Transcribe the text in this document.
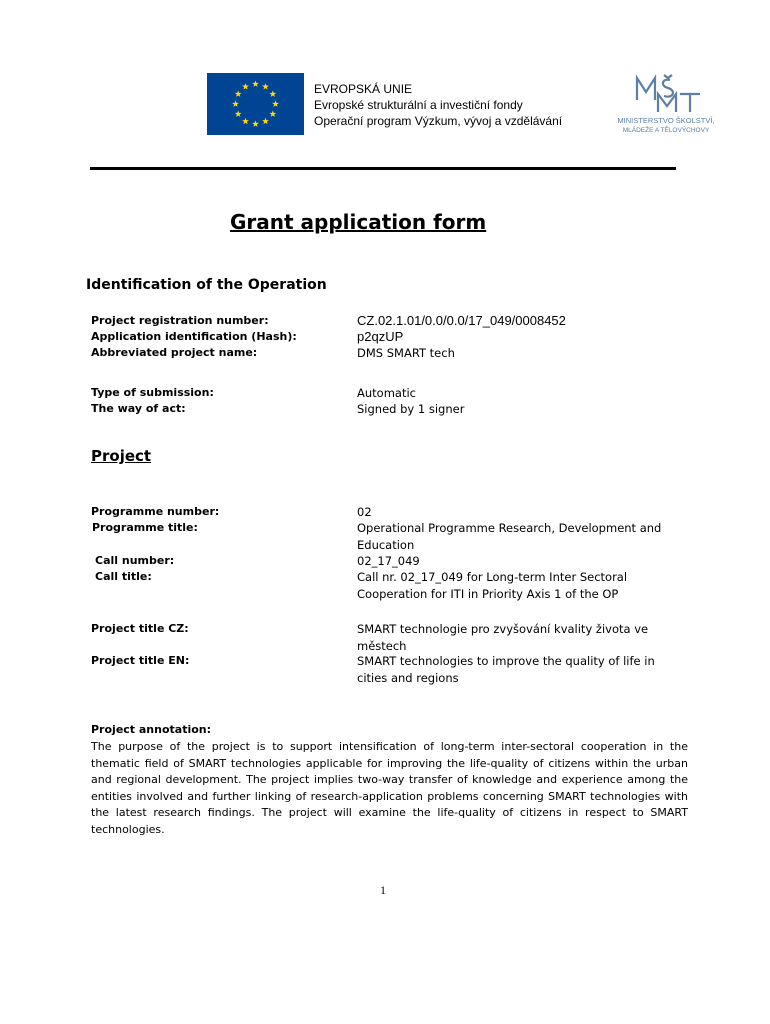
EVROPSKÁ UNIE
Evropské strukturální a investiční fondy
Operační program Výzkum, vývoj a vzdělávání	MINISTERSTVO ŠKOLSTVÍ,
MLÁDEŽE A TĚLOVÝCHOVY
Grant application form
Identification of the Operation
Project registration number:	CZ.02.1.01/0.0/0.0/17_049/0008452
Application identification (Hash):	p2qzUP
Abbreviated project name:	DMS SMART tech
Type of submission:	Automatic
The way of act:	Signed by 1 signer
Project
Programme number:	02
Programme title:	Operational Programme Research, Development and Education
Call number:	02_17_049
Call title:	Call nr. 02_17_049 for Long-term Inter Sectoral Cooperation for ITI in Priority Axis 1 of the OP
Project title CZ:	SMART technologie pro zvyšování kvality života ve městech
Project title EN:	SMART technologies to improve the quality of life in cities and regions
Project annotation:
The purpose of the project is to support intensification of long-term inter-sectoral cooperation in the thematic field of SMART technologies applicable for improving the life-quality of citizens within the urban and regional development. The project implies two-way transfer of knowledge and experience among the entities involved and further linking of research-application problems concerning SMART technologies with the latest research findings. The project will examine the life-quality of citizens in respect to SMART technologies.
1
